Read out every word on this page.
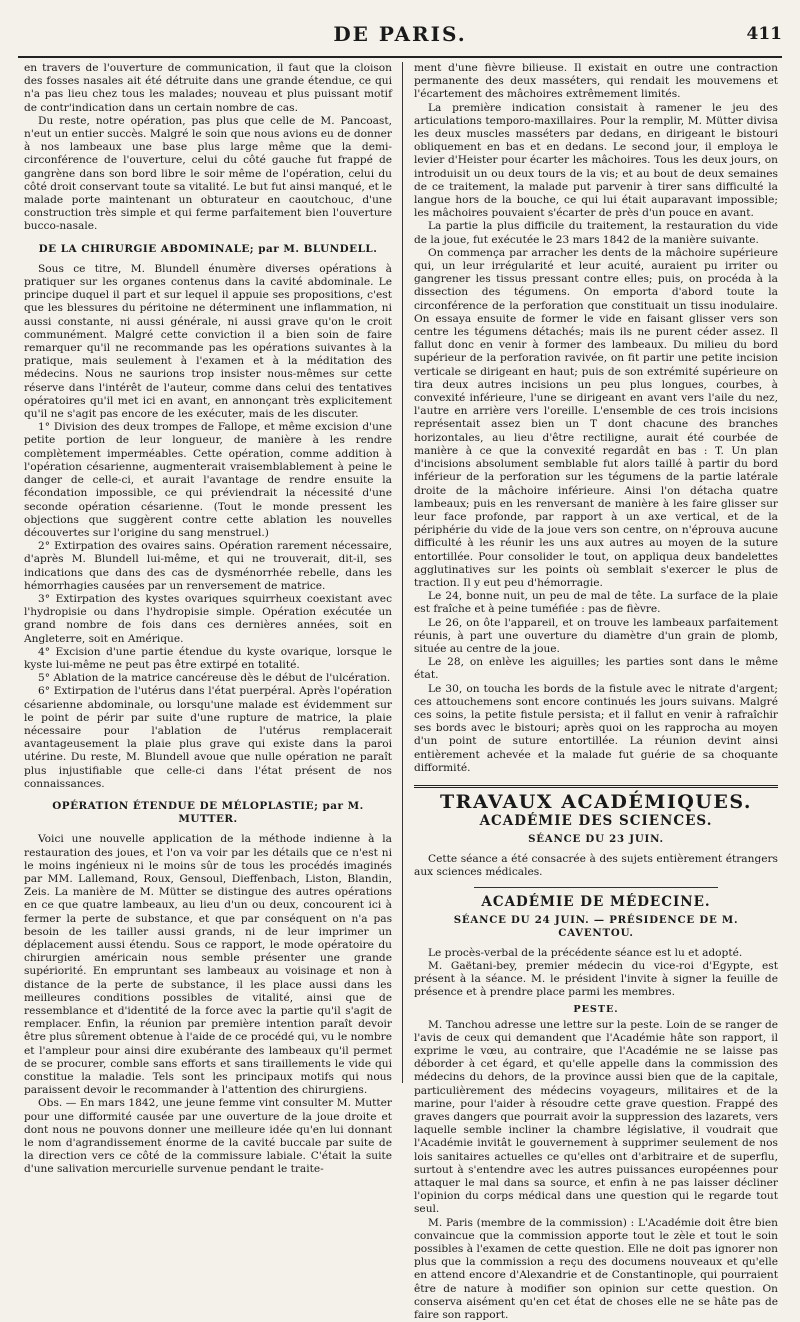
DE PARIS.	411

en travers de l'ouverture de communication, il faut que la cloison des fosses nasales ait été détruite dans une grande étendue, ce qui n'a pas lieu chez tous les malades; nouveau et plus puissant motif de contr'indication dans un certain nombre de cas.

Du reste, notre opération, pas plus que celle de M. Pancoast, n'eut un entier succès. Malgré le soin que nous avions eu de donner à nos lambeaux une base plus large même que la demi-circonférence de l'ouverture, celui du côté gauche fut frappé de gangrène dans son bord libre le soir même de l'opération, celui du côté droit conservant toute sa vitalité. Le but fut ainsi manqué, et le malade porte maintenant un obturateur en caoutchouc, d'une construction très simple et qui ferme parfaitement bien l'ouverture bucco-nasale.

DE LA CHIRURGIE ABDOMINALE; par M. BLUNDELL.

Sous ce titre, M. Blundell énumère diverses opérations à pratiquer sur les organes contenus dans la cavité abdominale. Le principe duquel il part et sur lequel il appuie ses propositions, c'est que les blessures du péritoine ne déterminent une inflammation, ni aussi constante, ni aussi générale, ni aussi grave qu'on le croit communément. Malgré cette conviction il a bien soin de faire remarquer qu'il ne recommande pas les opérations suivantes à la pratique, mais seulement à l'examen et à la méditation des médecins. Nous ne saurions trop insister nous-mêmes sur cette réserve dans l'intérêt de l'auteur, comme dans celui des tentatives opératoires qu'il met ici en avant, en annonçant très explicitement qu'il ne s'agit pas encore de les exécuter, mais de les discuter.

1° Division des deux trompes de Fallope, et même excision d'une petite portion de leur longueur, de manière à les rendre complètement imperméables. Cette opération, comme addition à l'opération césarienne, augmenterait vraisemblablement à peine le danger de celle-ci, et aurait l'avantage de rendre ensuite la fécondation impossible, ce qui préviendrait la nécessité d'une seconde opération césarienne. (Tout le monde pressent les objections que suggèrent contre cette ablation les nouvelles découvertes sur l'origine du sang menstruel.)

2° Extirpation des ovaires sains. Opération rarement nécessaire, d'après M. Blundell lui-même, et qui ne trouverait, dit-il, ses indications que dans des cas de dysménorrhée rebelle, dans les hémorrhagies causées par un renversement de matrice.

3° Extirpation des kystes ovariques squirrheux coexistant avec l'hydropisie ou dans l'hydropisie simple. Opération exécutée un grand nombre de fois dans ces dernières années, soit en Angleterre, soit en Amérique.

4° Excision d'une partie étendue du kyste ovarique, lorsque le kyste lui-même ne peut pas être extirpé en totalité.

5° Ablation de la matrice cancéreuse dès le début de l'ulcération.

6° Extirpation de l'utérus dans l'état puerpéral. Après l'opération césarienne abdominale, ou lorsqu'une malade est évidemment sur le point de périr par suite d'une rupture de matrice, la plaie nécessaire pour l'ablation de l'utérus remplacerait avantageusement la plaie plus grave qui existe dans la paroi utérine. Du reste, M. Blundell avoue que nulle opération ne paraît plus injustifiable que celle-ci dans l'état présent de nos connaissances.

OPÉRATION ÉTENDUE DE MÉLOPLASTIE; par M. MUTTER.

Voici une nouvelle application de la méthode indienne à la restauration des joues, et l'on va voir par les détails que ce n'est ni le moins ingénieux ni le moins sûr de tous les procédés imaginés par MM. Lallemand, Roux, Gensoul, Dieffenbach, Liston, Blandin, Zeis. La manière de M. Mütter se distingue des autres opérations en ce que quatre lambeaux, au lieu d'un ou deux, concourent ici à fermer la perte de substance, et que par conséquent on n'a pas besoin de les tailler aussi grands, ni de leur imprimer un déplacement aussi étendu. Sous ce rapport, le mode opératoire du chirurgien américain nous semble présenter une grande supériorité. En empruntant ses lambeaux au voisinage et non à distance de la perte de substance, il les place aussi dans les meilleures conditions possibles de vitalité, ainsi que de ressemblance et d'identité de la force avec la partie qu'il s'agit de remplacer. Enfin, la réunion par première intention paraît devoir être plus sûrement obtenue à l'aide de ce procédé qui, vu le nombre et l'ampleur pour ainsi dire exubérante des lambeaux qu'il permet de se procurer, comble sans efforts et sans tiraillements le vide qui constitue la maladie. Tels sont les principaux motifs qui nous paraissent devoir le recommander à l'attention des chirurgiens.

Obs. — En mars 1842, une jeune femme vint consulter M. Mutter pour une difformité causée par une ouverture de la joue droite et dont nous ne pouvons donner une meilleure idée qu'en lui donnant le nom d'agrandissement énorme de la cavité buccale par suite de la direction vers ce côté de la commissure labiale. C'était la suite d'une salivation mercurielle survenue pendant le traite-

ment d'une fièvre bilieuse. Il existait en outre une contraction permanente des deux masséters, qui rendait les mouvemens et l'écartement des mâchoires extrêmement limités.

La première indication consistait à ramener le jeu des articulations temporo-maxillaires. Pour la remplir, M. Mütter divisa les deux muscles masséters par dedans, en dirigeant le bistouri obliquement en bas et en dedans. Le second jour, il employa le levier d'Heister pour écarter les mâchoires. Tous les deux jours, on introduisit un ou deux tours de la vis; et au bout de deux semaines de ce traitement, la malade put parvenir à tirer sans difficulté la langue hors de la bouche, ce qui lui était auparavant impossible; les mâchoires pouvaient s'écarter de près d'un pouce en avant.

La partie la plus difficile du traitement, la restauration du vide de la joue, fut exécutée le 23 mars 1842 de la manière suivante.

On commença par arracher les dents de la mâchoire supérieure qui, un leur irrégularité et leur acuité, auraient pu irriter ou gangrener les tissus pressant contre elles; puis, on procéda à la dissection des tégumens. On emporta d'abord toute la circonférence de la perforation que constituait un tissu inodulaire. On essaya ensuite de former le vide en faisant glisser vers son centre les tégumens détachés; mais ils ne purent céder assez. Il fallut donc en venir à former des lambeaux. Du milieu du bord supérieur de la perforation ravivée, on fit partir une petite incision verticale se dirigeant en haut; puis de son extrémité supérieure on tira deux autres incisions un peu plus longues, courbes, à convexité inférieure, l'une se dirigeant en avant vers l'aile du nez, l'autre en arrière vers l'oreille. L'ensemble de ces trois incisions représentait assez bien un T dont chacune des branches horizontales, au lieu d'être rectiligne, aurait été courbée de manière à ce que la convexité regardât en bas : T. Un plan d'incisions absolument semblable fut alors taillé à partir du bord inférieur de la perforation sur les tégumens de la partie latérale droite de la mâchoire inférieure. Ainsi l'on détacha quatre lambeaux; puis en les renversant de manière à les faire glisser sur leur face profonde, par rapport à un axe vertical, et de la périphérie du vide de la joue vers son centre, on n'éprouva aucune difficulté à les réunir les uns aux autres au moyen de la suture entortillée. Pour consolider le tout, on appliqua deux bandelettes agglutinatives sur les points où semblait s'exercer le plus de traction. Il y eut peu d'hémorragie.

Le 24, bonne nuit, un peu de mal de tête. La surface de la plaie est fraîche et à peine tuméfiée : pas de fièvre.

Le 26, on ôte l'appareil, et on trouve les lambeaux parfaitement réunis, à part une ouverture du diamètre d'un grain de plomb, située au centre de la joue.

Le 28, on enlève les aiguilles; les parties sont dans le même état.

Le 30, on toucha les bords de la fistule avec le nitrate d'argent; ces attouchemens sont encore continués les jours suivans. Malgré ces soins, la petite fistule persista; et il fallut en venir à rafraîchir ses bords avec le bistouri; après quoi on les rapprocha au moyen d'un point de suture entortillée. La réunion devint ainsi entièrement achevée et la malade fut guérie de sa choquante difformité.

TRAVAUX ACADÉMIQUES.
ACADÉMIE DES SCIENCES.
SÉANCE DU 23 JUIN.

Cette séance a été consacrée à des sujets entièrement étrangers aux sciences médicales.

ACADÉMIE DE MÉDECINE.
SÉANCE DU 24 JUIN. — PRÉSIDENCE DE M. CAVENTOU.

Le procès-verbal de la précédente séance est lu et adopté.

M. Gaëtani-bey, premier médecin du vice-roi d'Egypte, est présent à la séance. M. le président l'invite à signer la feuille de présence et à prendre place parmi les membres.

PESTE.

M. Tanchou adresse une lettre sur la peste. Loin de se ranger de l'avis de ceux qui demandent que l'Académie hâte son rapport, il exprime le vœu, au contraire, que l'Académie ne se laisse pas déborder à cet égard, et qu'elle appelle dans la commission des médecins du dehors, de la province aussi bien que de la capitale, particulièrement des médecins voyageurs, militaires et de la marine, pour l'aider à résoudre cette grave question. Frappé des graves dangers que pourrait avoir la suppression des lazarets, vers laquelle semble incliner la chambre législative, il voudrait que l'Académie invitât le gouvernement à supprimer seulement de nos lois sanitaires actuelles ce qu'elles ont d'arbitraire et de superflu, surtout à s'entendre avec les autres puissances européennes pour attaquer le mal dans sa source, et enfin à ne pas laisser décliner l'opinion du corps médical dans une question qui le regarde tout seul.

M. Paris (membre de la commission) : L'Académie doit être bien convaincue que la commission apporte tout le zèle et tout le soin possibles à l'examen de cette question. Elle ne doit pas ignorer non plus que la commission a reçu des documens nouveaux et qu'elle en attend encore d'Alexandrie et de Constantinople, qui pourraient être de nature à modifier son opinion sur cette question. On conserva aisément qu'en cet état de choses elle ne se hâte pas de faire son rapport.
